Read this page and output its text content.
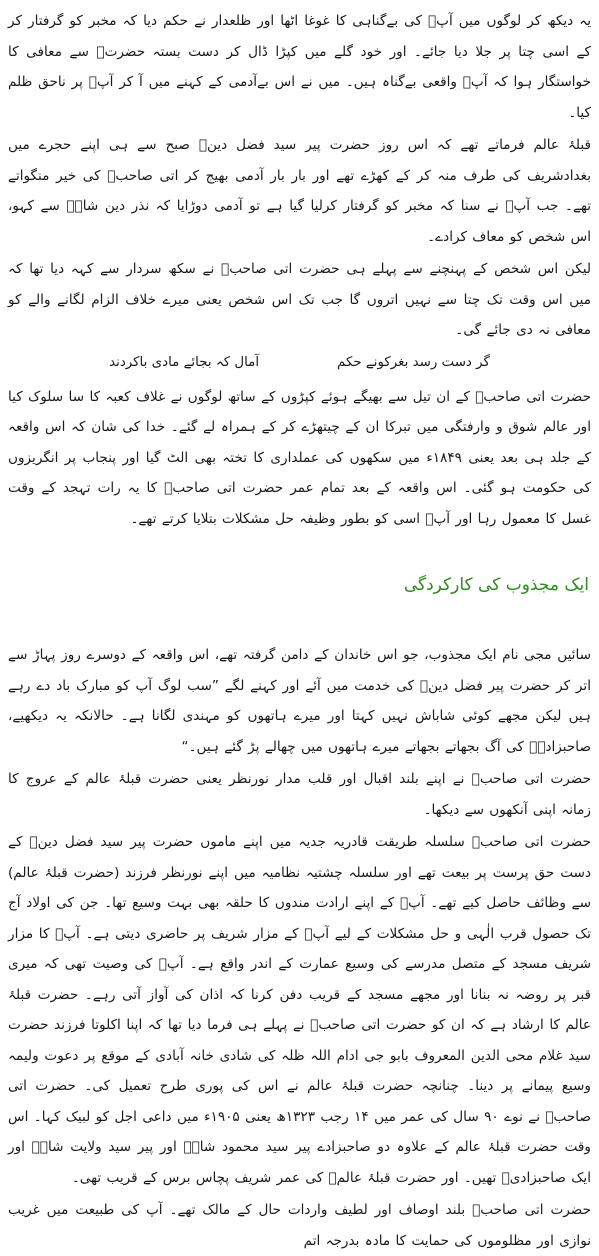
یہ دیکھ کر لوگوں میں آپؒ کی بےگناہی کا غوغا اٹھا اور ظلعدار نے حکم دیا کہ مخبر کو گرفتار کر کے اسی چتا پر جلا دیا جائے۔ اور خود گلے میں کپڑا ڈال کر دست بستہ حضرتؒ سے معافی کا خواستگار ہوا کہ آپؒ واقعی بےگناہ ہیں۔ میں نے اس بےآدمی کے کہنے میں آ کر آپؒ پر ناحق ظلم کیا۔

قبلۂ عالم فرماتے تھے کہ اس روز حضرت پیر سید فضل دینؒ صبح سے ہی اپنے حجرے میں بغدادشریف کی طرف منہ کر کے کھڑے تھے اور بار بار آدمی بھیج کر اتی صاحبؒ کی خیر منگواتے تھے۔ جب آپؒ نے سنا کہ مخبر کو گرفتار کرلیا گیا ہے تو آدمی دوڑایا کہ نذر دین شاہؒ سے کہو، اس شخص کو معاف کرادے۔

لیکن اس شخص کے پہنچنے سے پہلے ہی حضرت اتی صاحبؒ نے سکھ سردار سے کہہ دیا تھا کہ میں اس وقت تک چتا سے نہیں اتروں گا جب تک اس شخص یعنی میرے خلاف الزام لگانے والے کو معافی نہ دی جائے گی۔

گر دست رسد بغرکونے حکم
آمال کہ بجائے مادی باکردند

حضرت اتی صاحبؒ کے ان تیل سے بھیگے ہوئے کپڑوں کے ساتھ لوگوں نے غلاف کعبہ کا سا سلوک کیا اور عالم شوق و وارفتگی میں تبرکا ان کے چیتھڑے کر کے ہمراہ لے گئے۔ خدا کی شان کہ اس واقعہ کے جلد ہی بعد یعنی ۱۸۴۹ء میں سکھوں کی عملداری کا تختہ بھی الٹ گیا اور پنجاب پر انگریزوں کی حکومت ہو گئی۔ اس واقعہ کے بعد تمام عمر حضرت اتی صاحبؒ کا یہ رات تہجد کے وقت غسل کا معمول رہا اور آپؒ اسی کو بطور وظیفہ حل مشکلات بتلایا کرتے تھے۔

ایک مجذوب کی کارکردگی

سائیں مجی نام ایک مجذوب، جو اس خاندان کے دامن گرفتہ تھے، اس واقعہ کے دوسرے روز پہاڑ سے اتر کر حضرت پیر فضل دینؒ کی خدمت میں آئے اور کہنے لگے ”سب لوگ آپ کو مبارک باد دے رہے ہیں لیکن مجھے کوئی شاباش نہیں کہتا اور میرے ہاتھوں کو مہندی لگانا ہے۔ حالانکہ یہ دیکھیے، صاحبزادےؒ کی آگ بجھاتے بجھاتے میرے ہاتھوں میں چھالے پڑ گئے ہیں۔“

حضرت اتی صاحبؒ نے اپنے بلند اقبال اور قلب مدار نورنظر یعنی حضرت قبلۂ عالم کے عروج کا زمانہ اپنی آنکھوں سے دیکھا۔

حضرت اتی صاحبؒ سلسلہ طریقت قادریہ جدیہ میں اپنے ماموں حضرت پیر سید فضل دینؒ کے دست حق پرست پر بیعت تھے اور سلسلہ چشتیہ نظامیہ میں اپنے نورنظر فرزند (حضرت قبلۂ عالم) سے وظائف حاصل کیے تھے۔ آپؒ کے اپنے ارادت مندوں کا حلقہ بھی بہت وسیع تھا۔ جن کی اولاد آج تک حصول قرب الٰہی و حل مشکلات کے لیے آپؒ کے مزار شریف پر حاضری دیتی ہے۔ آپؒ کا مزار شریف مسجد کے متصل مدرسے کی وسیع عمارت کے اندر واقع ہے۔ آپؒ کی وصیت تھی کہ میری قبر پر روضہ نہ بنانا اور مجھے مسجد کے قریب دفن کرنا کہ اذان کی آواز آتی رہے۔ حضرت قبلۂ عالم کا ارشاد ہے کہ ان کو حضرت اتی صاحبؒ نے پہلے ہی فرما دیا تھا کہ اپنا اکلوتا فرزند حضرت سید غلام محی الدین المعروف بابو جی ادام اللہ ظلہ کی شادی خانہ آبادی کے موقع پر دعوت ولیمہ وسیع پیمانے پر دینا۔ چنانچہ حضرت قبلۂ عالم نے اس کی پوری طرح تعمیل کی۔ حضرت اتی صاحبؒ نے نوے ۹۰ سال کی عمر میں ۱۴ رجب ۱۳۲۳ھ یعنی ۱۹۰۵ء میں داعی اجل کو لبیک کہا۔ اس وقت حضرت قبلۂ عالم کے علاوہ دو صاحبزادے پیر سید محمود شاہؒ اور پیر سید ولایت شاہؒ اور ایک صاحبزادیؒ تھیں۔ اور حضرت قبلۂ عالمؒ کی عمر شریف پچاس برس کے قریب تھی۔

حضرت اتی صاحبؒ بلند اوصاف اور لطیف واردات حال کے مالک تھے۔ آپ کی طبیعت میں غریب نوازی اور مظلوموں کی حمایت کا مادہ بدرجہ اتم
